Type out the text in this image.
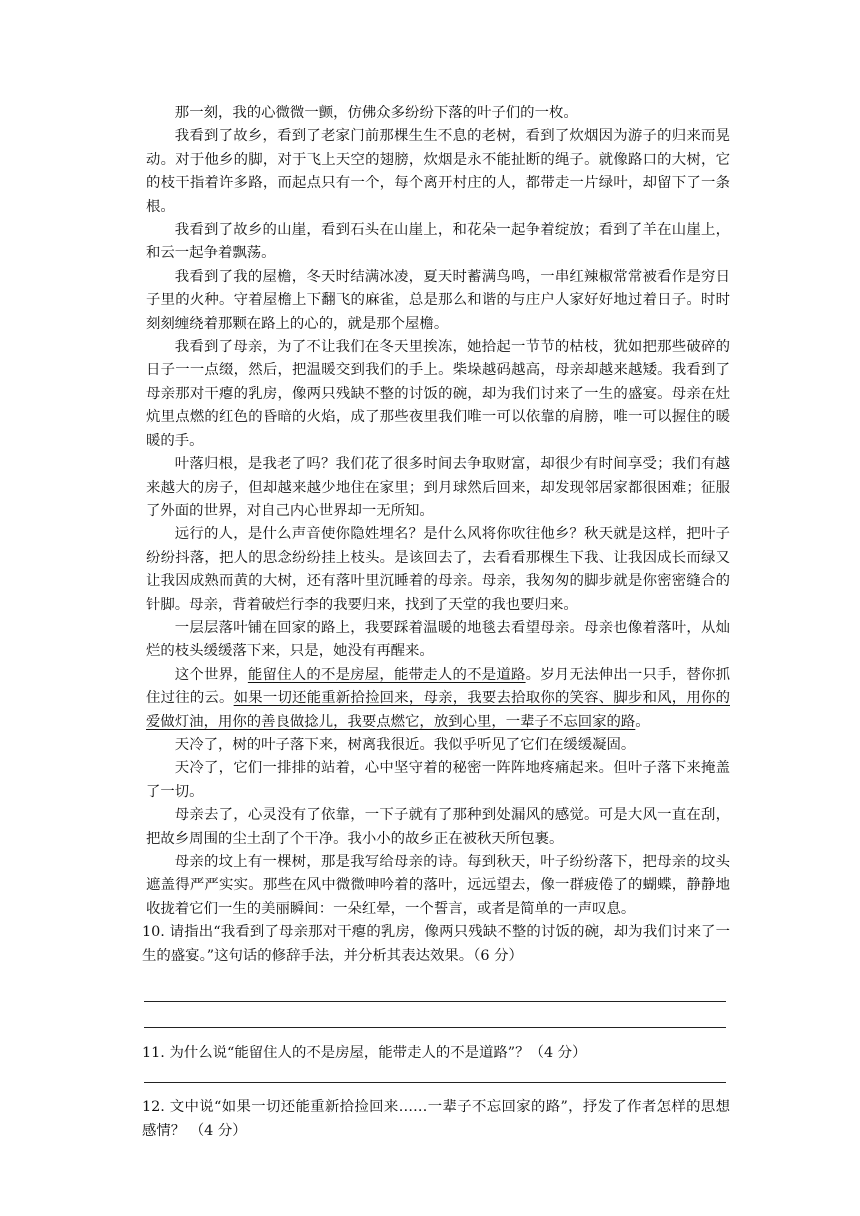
那一刻，我的心微微一颤，仿佛众多纷纷下落的叶子们的一枚。

我看到了故乡，看到了老家门前那棵生生不息的老树，看到了炊烟因为游子的归来而晃动。对于他乡的脚，对于飞上天空的翅膀，炊烟是永不能扯断的绳子。就像路口的大树，它的枝干指着许多路，而起点只有一个，每个离开村庄的人，都带走一片绿叶，却留下了一条根。

我看到了故乡的山崖，看到石头在山崖上，和花朵一起争着绽放；看到了羊在山崖上，和云一起争着飘荡。

我看到了我的屋檐，冬天时结满冰凌，夏天时蓄满鸟鸣，一串红辣椒常常被看作是穷日子里的火种。守着屋檐上下翻飞的麻雀，总是那么和谐的与庄户人家好好地过着日子。时时刻刻缠绕着那颗在路上的心的，就是那个屋檐。

我看到了母亲，为了不让我们在冬天里挨冻，她拾起一节节的枯枝，犹如把那些破碎的日子一一点缀，然后，把温暖交到我们的手上。柴垛越码越高，母亲却越来越矮。我看到了母亲那对干瘪的乳房，像两只残缺不整的讨饭的碗，却为我们讨来了一生的盛宴。母亲在灶炕里点燃的红色的昏暗的火焰，成了那些夜里我们唯一可以依靠的肩膀，唯一可以握住的暖暖的手。

叶落归根，是我老了吗？我们花了很多时间去争取财富，却很少有时间享受；我们有越来越大的房子，但却越来越少地住在家里；到月球然后回来，却发现邻居家都很困难；征服了外面的世界，对自己内心世界却一无所知。

远行的人，是什么声音使你隐姓埋名？是什么风将你吹往他乡？秋天就是这样，把叶子纷纷抖落，把人的思念纷纷挂上枝头。是该回去了，去看看那棵生下我、让我因成长而绿又让我因成熟而黄的大树，还有落叶里沉睡着的母亲。母亲，我匆匆的脚步就是你密密缝合的针脚。母亲，背着破烂行李的我要归来，找到了天堂的我也要归来。

一层层落叶铺在回家的路上，我要踩着温暖的地毯去看望母亲。母亲也像着落叶，从灿烂的枝头缓缓落下来，只是，她没有再醒来。

这个世界，能留住人的不是房屋，能带走人的不是道路。岁月无法伸出一只手，替你抓住过往的云。如果一切还能重新拾捡回来，母亲，我要去拾取你的笑容、脚步和风，用你的爱做灯油，用你的善良做捻儿，我要点燃它，放到心里，一辈子不忘回家的路。

天冷了，树的叶子落下来，树离我很近。我似乎听见了它们在缓缓凝固。

天冷了，它们一排排的站着，心中坚守着的秘密一阵阵地疼痛起来。但叶子落下来掩盖了一切。

母亲去了，心灵没有了依靠，一下子就有了那种到处漏风的感觉。可是大风一直在刮，把故乡周围的尘土刮了个干净。我小小的故乡正在被秋天所包裹。

母亲的坟上有一棵树，那是我写给母亲的诗。每到秋天，叶子纷纷落下，把母亲的坟头遮盖得严严实实。那些在风中微微呻吟着的落叶，远远望去，像一群疲倦了的蝴蝶，静静地收拢着它们一生的美丽瞬间：一朵红晕，一个誓言，或者是简单的一声叹息。

10. 请指出“我看到了母亲那对干瘪的乳房，像两只残缺不整的讨饭的碗，却为我们讨来了一生的盛宴。”这句话的修辞手法，并分析其表达效果。（6 分）

11. 为什么说“能留住人的不是房屋，能带走人的不是道路”？（4 分）

12. 文中说“如果一切还能重新拾捡回来……一辈子不忘回家的路”，抒发了作者怎样的思想感情？ （4 分）
